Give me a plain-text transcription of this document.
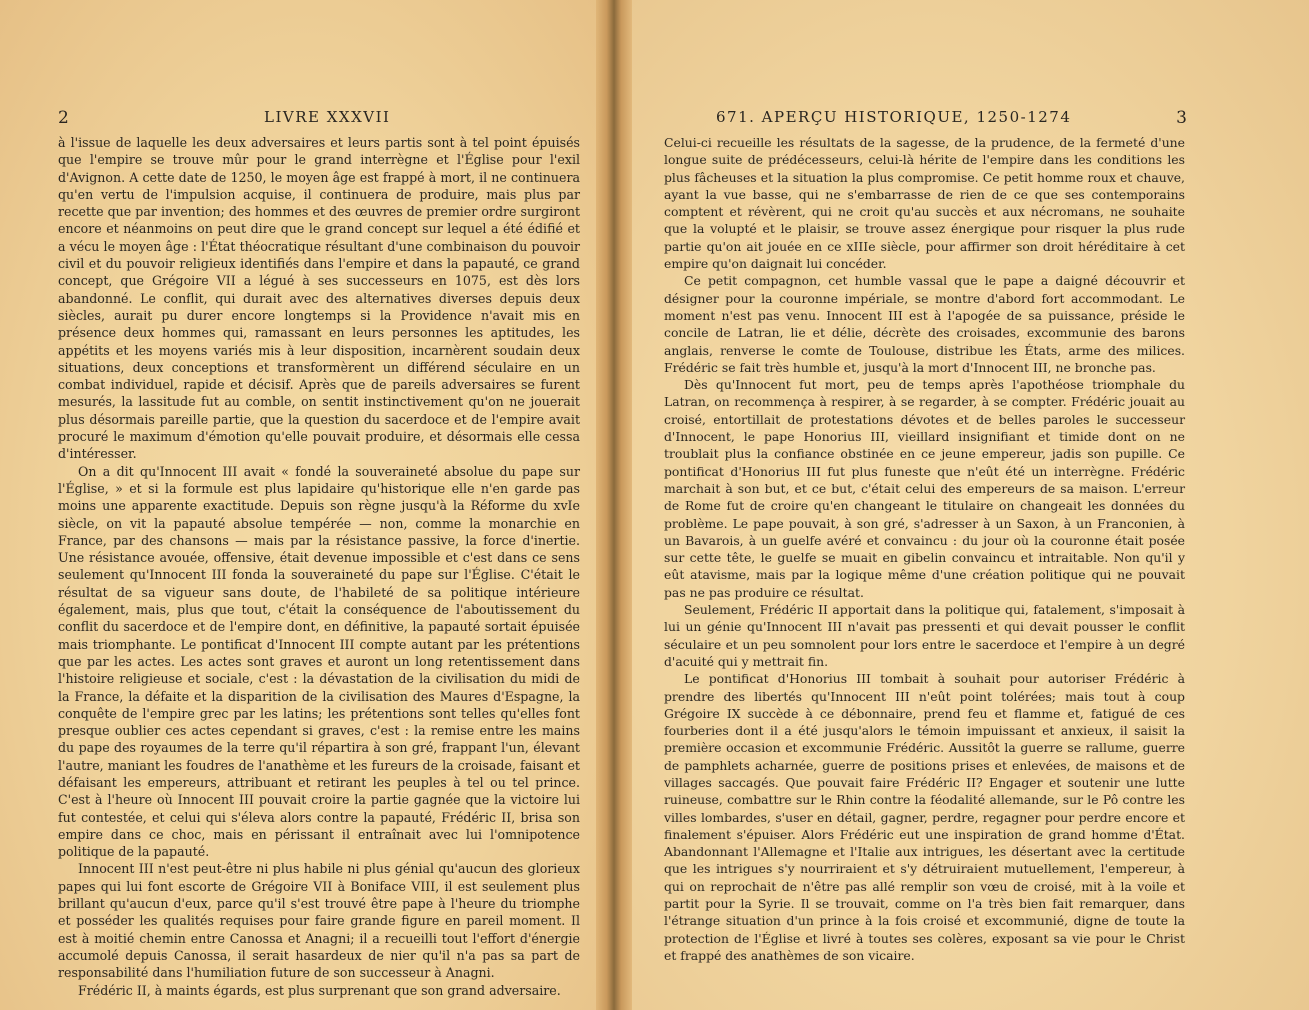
2	LIVRE XXXVII

à l'issue de laquelle les deux adversaires et leurs partis sont à tel point épuisés que l'empire se trouve mûr pour le grand interrègne et l'Église pour l'exil d'Avignon. A cette date de 1250, le moyen âge est frappé à mort, il ne continuera qu'en vertu de l'impulsion acquise, il continuera de produire, mais plus par recette que par invention; des hommes et des œuvres de premier ordre surgiront encore et néanmoins on peut dire que le grand concept sur lequel a été édifié et a vécu le moyen âge : l'État théocratique résultant d'une combinaison du pouvoir civil et du pouvoir religieux identifiés dans l'empire et dans la papauté, ce grand concept, que Grégoire VII a légué à ses successeurs en 1075, est dès lors abandonné. Le conflit, qui durait avec des alternatives diverses depuis deux siècles, aurait pu durer encore longtemps si la Providence n'avait mis en présence deux hommes qui, ramassant en leurs personnes les aptitudes, les appétits et les moyens variés mis à leur disposition, incarnèrent soudain deux situations, deux conceptions et transformèrent un différend séculaire en un combat individuel, rapide et décisif. Après que de pareils adversaires se furent mesurés, la lassitude fut au comble, on sentit instinctivement qu'on ne jouerait plus désormais pareille partie, que la question du sacerdoce et de l'empire avait procuré le maximum d'émotion qu'elle pouvait produire, et désormais elle cessa d'intéresser.

On a dit qu'Innocent III avait « fondé la souveraineté absolue du pape sur l'Église, » et si la formule est plus lapidaire qu'historique elle n'en garde pas moins une apparente exactitude. Depuis son règne jusqu'à la Réforme du xvIe siècle, on vit la papauté absolue tempérée — non, comme la monarchie en France, par des chansons — mais par la résistance passive, la force d'inertie. Une résistance avouée, offensive, était devenue impossible et c'est dans ce sens seulement qu'Innocent III fonda la souveraineté du pape sur l'Église. C'était le résultat de sa vigueur sans doute, de l'habileté de sa politique intérieure également, mais, plus que tout, c'était la conséquence de l'aboutissement du conflit du sacerdoce et de l'empire dont, en définitive, la papauté sortait épuisée mais triomphante. Le pontificat d'Innocent III compte autant par les prétentions que par les actes. Les actes sont graves et auront un long retentissement dans l'histoire religieuse et sociale, c'est : la dévastation de la civilisation du midi de la France, la défaite et la disparition de la civilisation des Maures d'Espagne, la conquête de l'empire grec par les latins; les prétentions sont telles qu'elles font presque oublier ces actes cependant si graves, c'est : la remise entre les mains du pape des royaumes de la terre qu'il répartira à son gré, frappant l'un, élevant l'autre, maniant les foudres de l'anathème et les fureurs de la croisade, faisant et défaisant les empereurs, attribuant et retirant les peuples à tel ou tel prince. C'est à l'heure où Innocent III pouvait croire la partie gagnée que la victoire lui fut contestée, et celui qui s'éleva alors contre la papauté, Frédéric II, brisa son empire dans ce choc, mais en périssant il entraînait avec lui l'omnipotence politique de la papauté.

Innocent III n'est peut-être ni plus habile ni plus génial qu'aucun des glorieux papes qui lui font escorte de Grégoire VII à Boniface VIII, il est seulement plus brillant qu'aucun d'eux, parce qu'il s'est trouvé être pape à l'heure du triomphe et posséder les qualités requises pour faire grande figure en pareil moment. Il est à moitié chemin entre Canossa et Anagni; il a recueilli tout l'effort d'énergie accumolé depuis Canossa, il serait hasardeux de nier qu'il n'a pas sa part de responsabilité dans l'humiliation future de son successeur à Anagni.

Frédéric II, à maints égards, est plus surprenant que son grand adversaire.

671. APERÇU HISTORIQUE, 1250-1274	3

Celui-ci recueille les résultats de la sagesse, de la prudence, de la fermeté d'une longue suite de prédécesseurs, celui-là hérite de l'empire dans les conditions les plus fâcheuses et la situation la plus compromise. Ce petit homme roux et chauve, ayant la vue basse, qui ne s'embarrasse de rien de ce que ses contemporains comptent et révèrent, qui ne croit qu'au succès et aux nécromans, ne souhaite que la volupté et le plaisir, se trouve assez énergique pour risquer la plus rude partie qu'on ait jouée en ce xIIIe siècle, pour affirmer son droit héréditaire à cet empire qu'on daignait lui concéder.

Ce petit compagnon, cet humble vassal que le pape a daigné découvrir et désigner pour la couronne impériale, se montre d'abord fort accommodant. Le moment n'est pas venu. Innocent III est à l'apogée de sa puissance, préside le concile de Latran, lie et délie, décrète des croisades, excommunie des barons anglais, renverse le comte de Toulouse, distribue les États, arme des milices. Frédéric se fait très humble et, jusqu'à la mort d'Innocent III, ne bronche pas.

Dès qu'Innocent fut mort, peu de temps après l'apothéose triomphale du Latran, on recommença à respirer, à se regarder, à se compter. Frédéric jouait au croisé, entortillait de protestations dévotes et de belles paroles le successeur d'Innocent, le pape Honorius III, vieillard insignifiant et timide dont on ne troublait plus la confiance obstinée en ce jeune empereur, jadis son pupille. Ce pontificat d'Honorius III fut plus funeste que n'eût été un interrègne. Frédéric marchait à son but, et ce but, c'était celui des empereurs de sa maison. L'erreur de Rome fut de croire qu'en changeant le titulaire on changeait les données du problème. Le pape pouvait, à son gré, s'adresser à un Saxon, à un Franconien, à un Bavarois, à un guelfe avéré et convaincu : du jour où la couronne était posée sur cette tête, le guelfe se muait en gibelin convaincu et intraitable. Non qu'il y eût atavisme, mais par la logique même d'une création politique qui ne pouvait pas ne pas produire ce résultat.

Seulement, Frédéric II apportait dans la politique qui, fatalement, s'imposait à lui un génie qu'Innocent III n'avait pas pressenti et qui devait pousser le conflit séculaire et un peu somnolent pour lors entre le sacerdoce et l'empire à un degré d'acuité qui y mettrait fin.

Le pontificat d'Honorius III tombait à souhait pour autoriser Frédéric à prendre des libertés qu'Innocent III n'eût point tolérées; mais tout à coup Grégoire IX succède à ce débonnaire, prend feu et flamme et, fatigué de ces fourberies dont il a été jusqu'alors le témoin impuissant et anxieux, il saisit la première occasion et excommunie Frédéric. Aussitôt la guerre se rallume, guerre de pamphlets acharnée, guerre de positions prises et enlevées, de maisons et de villages saccagés. Que pouvait faire Frédéric II? Engager et soutenir une lutte ruineuse, combattre sur le Rhin contre la féodalité allemande, sur le Pô contre les villes lombardes, s'user en détail, gagner, perdre, regagner pour perdre encore et finalement s'épuiser. Alors Frédéric eut une inspiration de grand homme d'État. Abandonnant l'Allemagne et l'Italie aux intrigues, les désertant avec la certitude que les intrigues s'y nourriraient et s'y détruiraient mutuellement, l'empereur, à qui on reprochait de n'être pas allé remplir son vœu de croisé, mit à la voile et partit pour la Syrie. Il se trouvait, comme on l'a très bien fait remarquer, dans l'étrange situation d'un prince à la fois croisé et excommunié, digne de toute la protection de l'Église et livré à toutes ses colères, exposant sa vie pour le Christ et frappé des anathèmes de son vicaire.
